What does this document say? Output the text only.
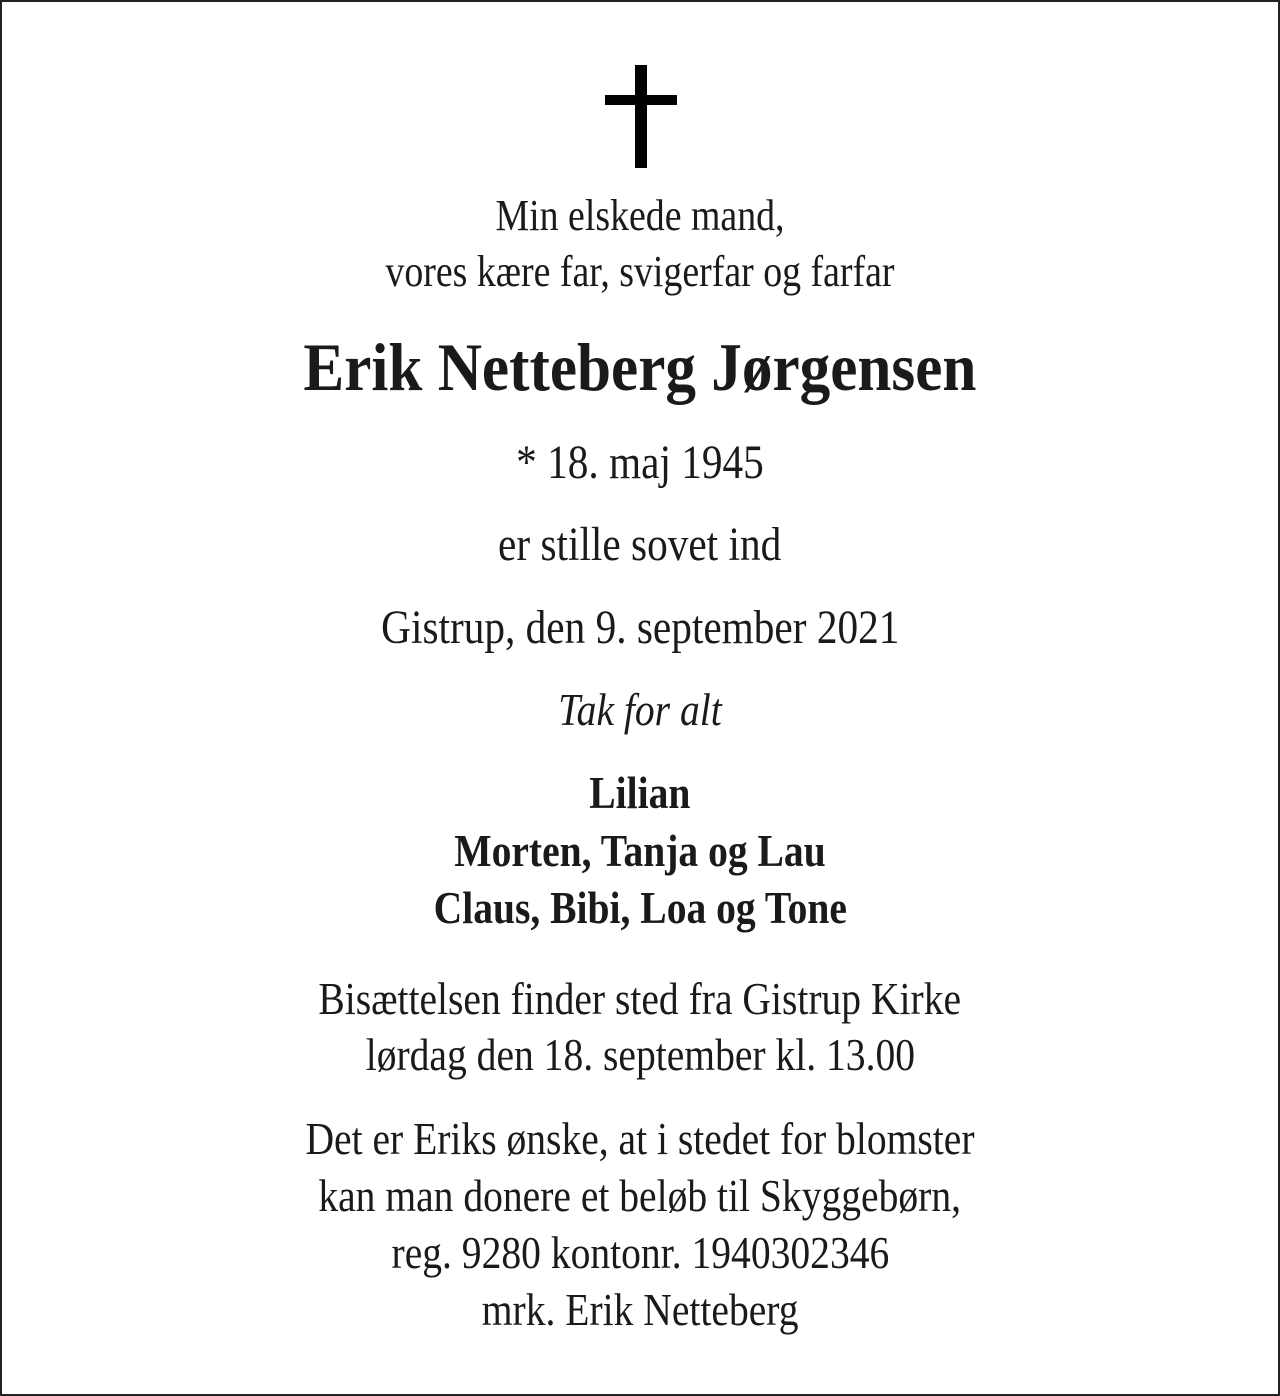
Min elskede mand,
vores kære far, svigerfar og farfar
Erik Netteberg Jørgensen
* 18. maj 1945
er stille sovet ind
Gistrup, den 9. september 2021
Tak for alt
Lilian
Morten, Tanja og Lau
Claus, Bibi, Loa og Tone
Bisættelsen finder sted fra Gistrup Kirke
lørdag den 18. september kl. 13.00
Det er Eriks ønske, at i stedet for blomster
kan man donere et beløb til Skyggebørn,
reg. 9280 kontonr. 1940302346
mrk. Erik Netteberg
